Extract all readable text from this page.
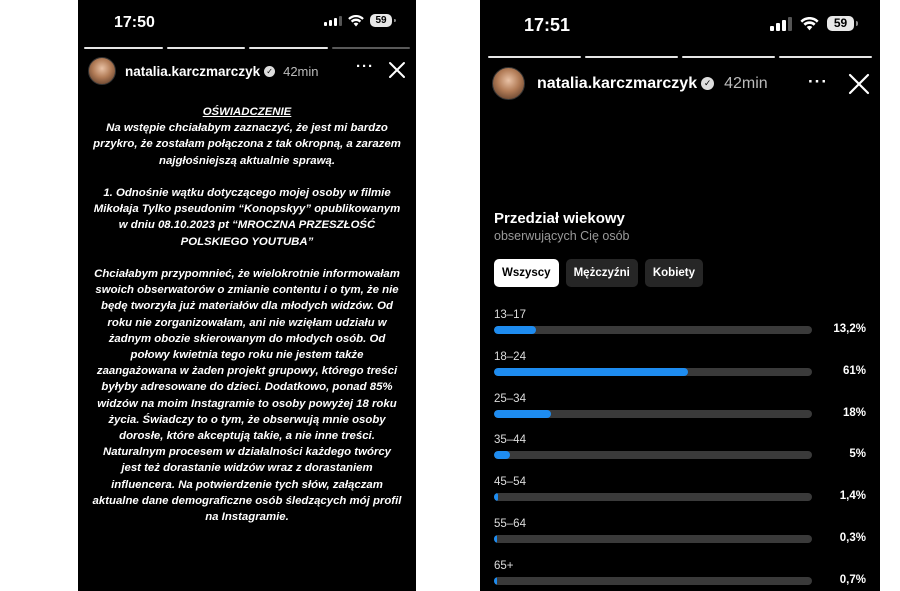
17:50	59
natalia.karczmarczyk ✓ 42min ···

OŚWIADCZENIE

Na wstępie chciałabym zaznaczyć, że jest mi bardzo przykro, że zostałam połączona z tak okropną, a zarazem najgłośniejszą aktualnie sprawą.

1. Odnośnie wątku dotyczącego mojej osoby w filmie Mikołaja Tylko pseudonim “Konopskyy” opublikowanym w dniu 08.10.2023 pt “MROCZNA PRZESZŁOŚĆ POLSKIEGO YOUTUBA”

Chciałabym przypomnieć, że wielokrotnie informowałam swoich obserwatorów o zmianie contentu i o tym, że nie będę tworzyła już materiałów dla młodych widzów. Od roku nie zorganizowałam, ani nie wzięłam udziału w żadnym obozie skierowanym do młodych osób. Od połowy kwietnia tego roku nie jestem także zaangażowana w żaden projekt grupowy, którego treści byłyby adresowane do dzieci. Dodatkowo, ponad 85% widzów na moim Instagramie to osoby powyżej 18 roku życia. Świadczy to o tym, że obserwują mnie osoby dorosłe, które akceptują takie, a nie inne treści. Naturalnym procesem w działalności każdego twórcy jest też dorastanie widzów wraz z dorastaniem influencera. Na potwierdzenie tych słów, załączam aktualne dane demograficzne osób śledzących mój profil na Instagramie.

17:51	59
natalia.karczmarczyk ✓ 42min ···
Przedział wiekowy
obserwujących Cię osób
Wszyscy	Mężczyźni	Kobiety
13–17
13,2%
18–24
61%
25–34
18%
35–44
5%
45–54
1,4%
55–64
0,3%
65+
0,7%
